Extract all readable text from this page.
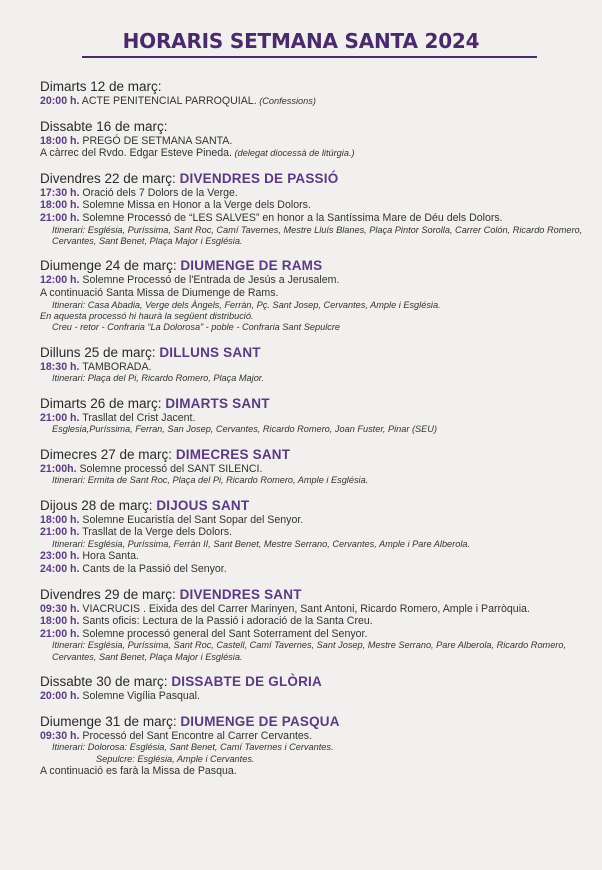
HORARIS SETMANA SANTA 2024
Dimarts 12 de març:
20:00 h. ACTE PENITENCIAL PARROQUIAL. (Confessions)
Dissabte 16 de març:
18:00 h. PREGÓ DE SETMANA SANTA.
A càrrec del Rvdo. Edgar Esteve Pineda. (delegat diocessà de litúrgia.)
Divendres 22 de març: DIVENDRES DE PASSIÓ
17:30 h. Oració dels 7 Dolors de la Verge.
18:00 h. Solemne Missa en Honor a la Verge dels Dolors.
21:00 h. Solemne Processó de “LES SALVES” en honor a la Santíssima Mare de Déu dels Dolors.
Itinerari: Església, Puríssima, Sant Roc, Camí Tavernes, Mestre Lluís Blanes, Plaça Pintor Sorolla, Carrer Colón, Ricardo Romero, Cervantes, Sant Benet, Plaça Major i Església.
Diumenge 24 de març: DIUMENGE DE RAMS
12:00 h. Solemne Processó de l'Entrada de Jesús a Jerusalem.
A continuació Santa Missa de Diumenge de Rams.
Itinerari: Casa Abadia, Verge dels Àngels, Ferràn, Pç. Sant Josep, Cervantes, Ample i Església.
En aquesta processó hi haurà la següent distribució.
Creu - retor - Confraria “La Dolorosa” - poble - Confraria Sant Sepulcre
Dilluns 25 de març: DILLUNS SANT
18:30 h. TAMBORADA.
Itinerari: Plaça del Pi, Ricardo Romero, Plaça Major.
Dimarts 26 de març: DIMARTS SANT
21:00 h. Trasllat del Crist Jacent.
Esglesia,Puríssima, Ferran, San Josep, Cervantes, Ricardo Romero, Joan Fuster, Pinar (SEU)
Dimecres 27 de març: DIMECRES SANT
21:00h. Solemne processó del SANT SILENCI.
Itinerari: Ermita de Sant Roc, Plaça del Pi, Ricardo Romero, Ample i Església.
Dijous 28 de març: DIJOUS SANT
18:00 h. Solemne Eucaristía del Sant Sopar del Senyor.
21:00 h. Trasllat de la Verge dels Dolors.
Itinerari: Església, Puríssima, Ferràn II, Sant Benet, Mestre Serrano, Cervantes, Ample i Pare Alberola.
23:00 h. Hora Santa.
24:00 h. Cants de la Passió del Senyor.
Divendres 29 de març: DIVENDRES SANT
09:30 h. VIACRUCIS . Eixida des del Carrer Marinyen, Sant Antoni, Ricardo Romero, Ample i Parròquia.
18:00 h. Sants oficis: Lectura de la Passió i adoració de la Santa Creu.
21:00 h. Solemne processó general del Sant Soterrament del Senyor.
Itinerari: Església, Puríssima, Sant Roc, Castell, Camí Tavernes, Sant Josep, Mestre Serrano, Pare Alberola, Ricardo Romero, Cervantes, Sant Benet, Plaça Major i Església.
Dissabte 30 de març: DISSABTE DE GLÒRIA
20:00 h. Solemne Vigília Pasqual.
Diumenge 31 de març: DIUMENGE DE PASQUA
09:30 h. Processó del Sant Encontre al Carrer Cervantes.
Itinerari: Dolorosa: Església, Sant Benet, Camí Tavernes i Cervantes.
Sepulcre: Església, Ample i Cervantes.
A continuació es farà la Missa de Pasqua.
